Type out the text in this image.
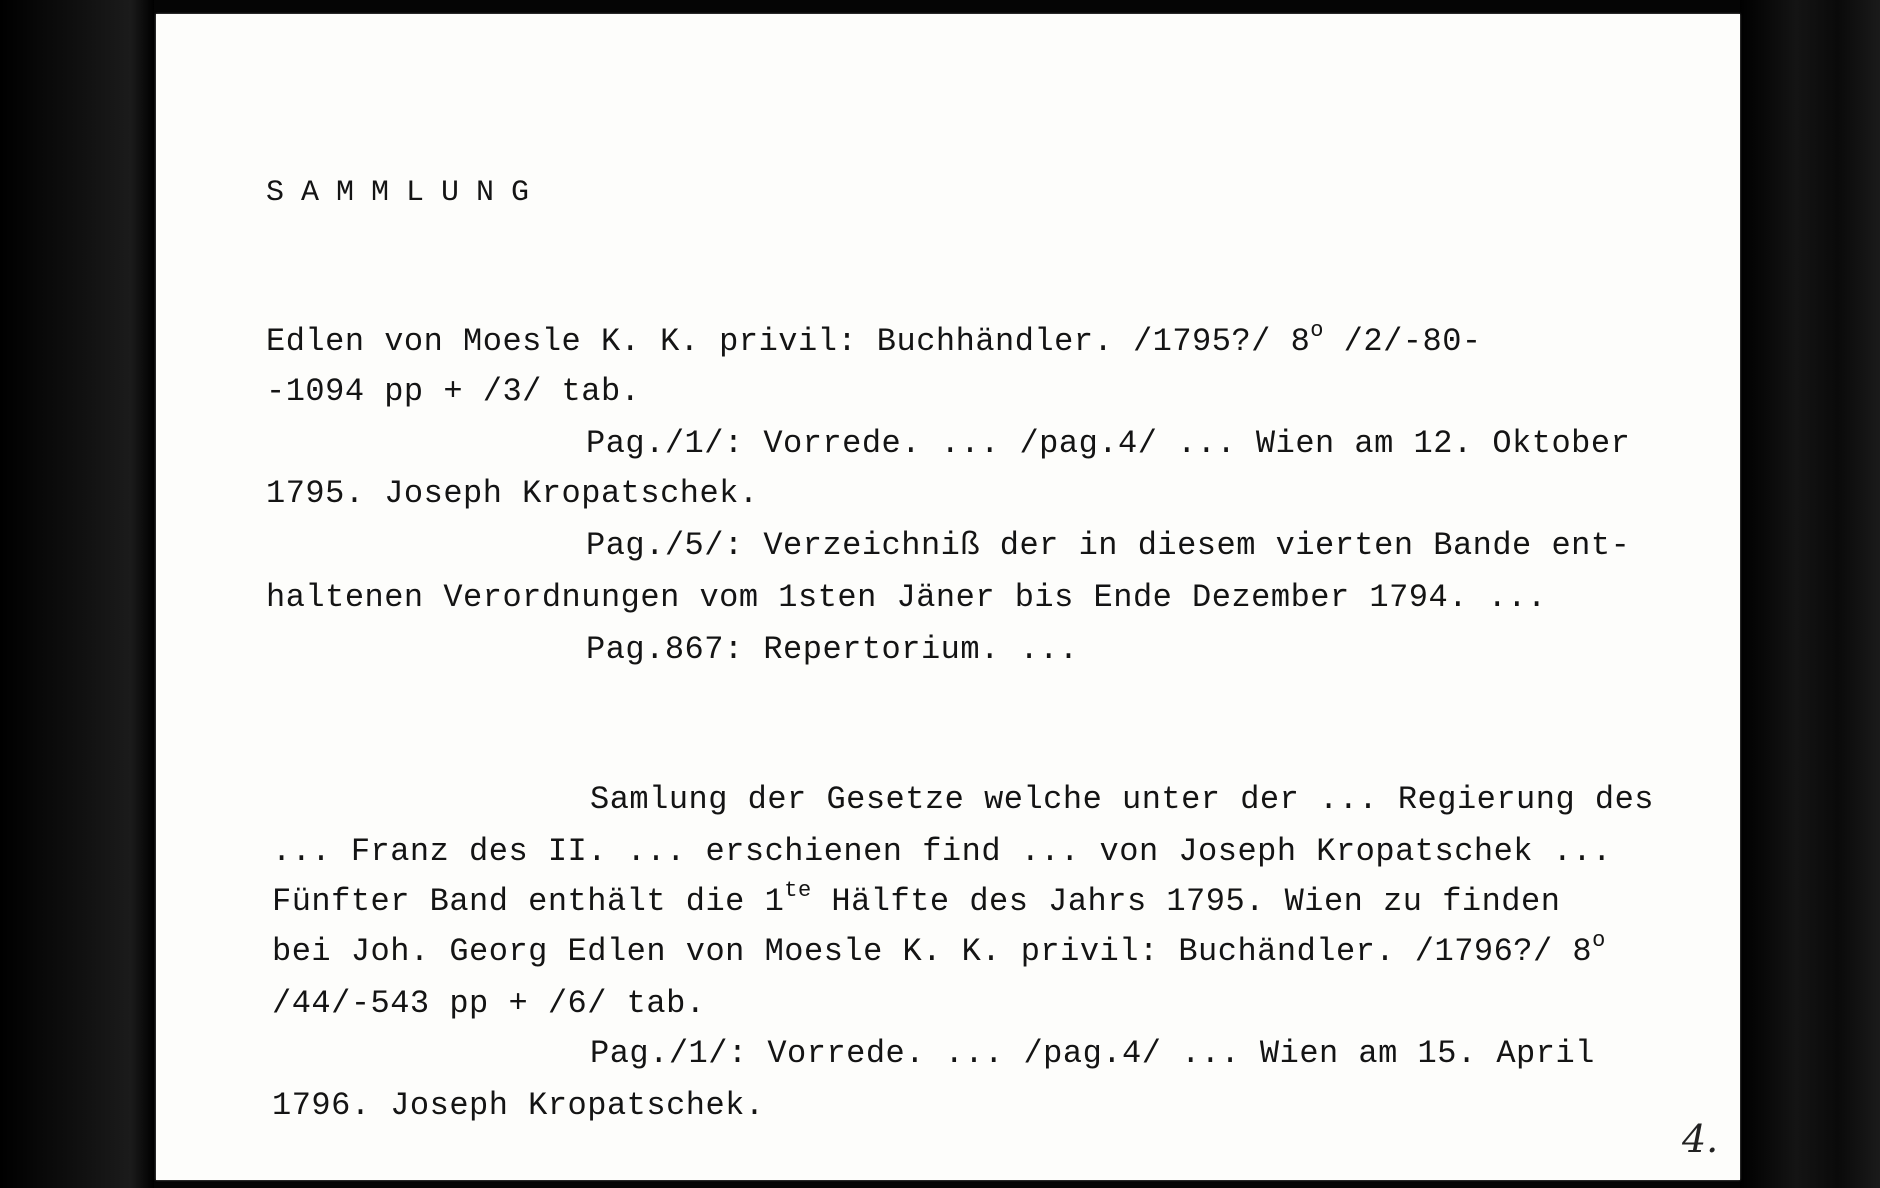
SAMMLUNG
Edlen von Moesle K. K. privil: Buchhändler. /1795?/ 8$^o$ /2/-80-
-1094 pp + /3/ tab.
Pag./1/: Vorrede. ... /pag.4/ ... Wien am 12. Oktober
1795. Joseph Kropatschek.
Pag./5/: Verzeichniß der in diesem vierten Bande ent-
haltenen Verordnungen vom 1sten Jäner bis Ende Dezember 1794. ...
Pag.867: Repertorium. ...
Samlung der Gesetze welche unter der ... Regierung des
... Franz des II. ... erschienen find ... von Joseph Kropatschek ...
Fünfter Band enthält die $1^{te}$ Hälfte des Jahrs 1795. Wien zu finden
bei Joh. Georg Edlen von Moesle K. K. privil: Buchändler. /1796?/ 8$^o$
/44/-543 pp + /6/ tab.
Pag./1/: Vorrede. ... /pag.4/ ... Wien am 15. April
1796. Joseph Kropatschek.
4.
